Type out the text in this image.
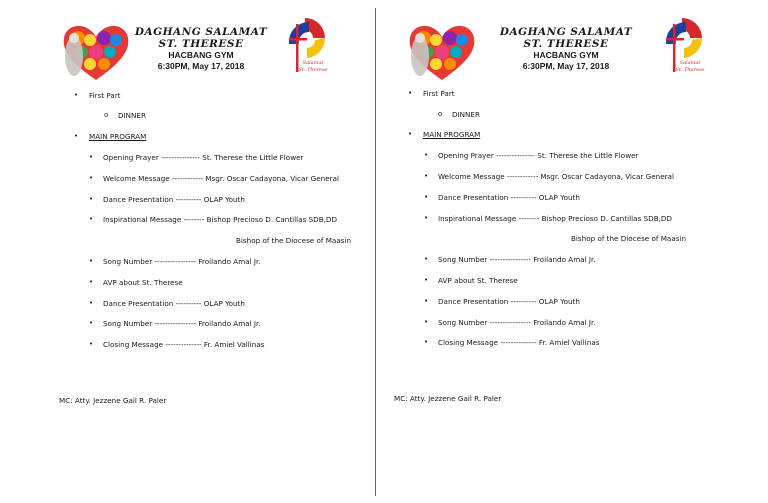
DAGHANG SALAMAT
ST. THERESE
HACBANG GYM
6:30PM, May 17, 2018	Salamat
St. Therese
• First Part
o DINNER
• MAIN PROGRAM
• Opening Prayer --------------- St. Therese the Little Flower
• Welcome Message ------------ Msgr. Oscar Cadayona, Vicar General
• Dance Presentation ---------- OLAP Youth
• Inspirational Message -------- Bishop Precioso D. Cantillas SDB,DD
Bishop of the Diocese of Maasin
• Song Number ---------------- Froilando Amal Jr.
• AVP about St. Therese
• Dance Presentation ---------- OLAP Youth
• Song Number ---------------- Froilando Amal Jr.
• Closing Message -------------- Fr. Amiel Vallinas
MC: Atty. Jezzene Gail R. Paler
DAGHANG SALAMAT
ST. THERESE
HACBANG GYM
6:30PM, May 17, 2018	Salamat
St. Therese
• First Part
o DINNER
• MAIN PROGRAM
• Opening Prayer --------------- St. Therese the Little Flower
• Welcome Message ------------ Msgr. Oscar Cadayona, Vicar General
• Dance Presentation ---------- OLAP Youth
• Inspirational Message -------- Bishop Precioso D. Cantillas SDB,DD
Bishop of the Diocese of Maasin
• Song Number ---------------- Froilando Amal Jr.
• AVP about St. Therese
• Dance Presentation ---------- OLAP Youth
• Song Number ---------------- Froilando Amal Jr.
• Closing Message -------------- Fr. Amiel Vallinas
MC: Atty. Jezzene Gail R. Paler
